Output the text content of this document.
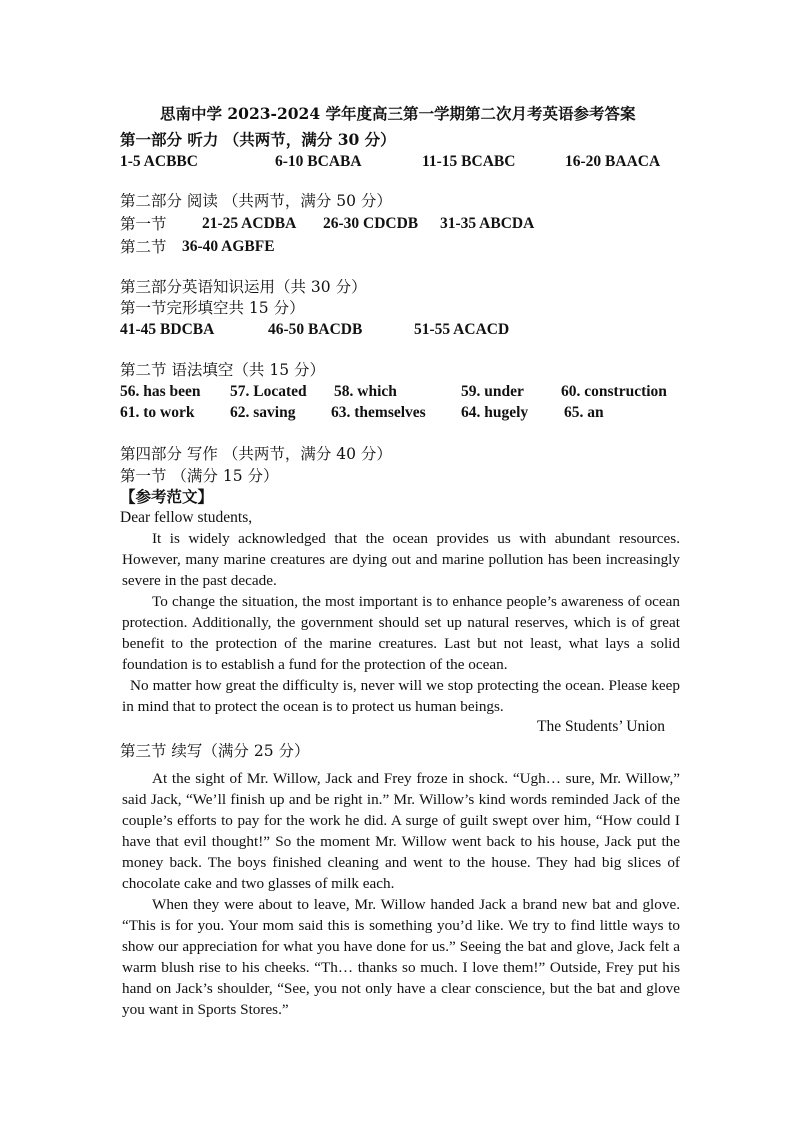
思南中学 2023-2024 学年度高三第一学期第二次月考英语参考答案
第一部分 听力 （共两节，满分 30 分）
1-5 ACBBC	6-10 BCABA	11-15 BCABC	16-20 BAACA
第二部分 阅读 （共两节，满分 50 分）
第一节 21-25 ACDBA 26-30 CDCDB 31-35 ABCDA
第二节 36-40 AGBFE
第三部分英语知识运用（共 30 分）
第一节完形填空共 15 分）
41-45 BDCBA	46-50 BACDB	51-55 ACACD
第二节 语法填空（共 15 分）
56. has been 57. Located 58. which	59. under 60. construction
61. to work 62. saving 63. themselves 64. hugely 65. an
第四部分 写作 （共两节，满分 40 分）
第一节 （满分 15 分）
【参考范文】
Dear fellow students,
It is widely acknowledged that the ocean provides us with abundant resources. However, many marine creatures are dying out and marine pollution has been increasingly severe in the past decade.
To change the situation, the most important is to enhance people’s awareness of ocean protection. Additionally, the government should set up natural reserves, which is of great benefit to the protection of the marine creatures. Last but not least, what lays a solid foundation is to establish a fund for the protection of the ocean.
No matter how great the difficulty is, never will we stop protecting the ocean. Please keep in mind that to protect the ocean is to protect us human beings.
The Students’ Union
第三节 续写（满分 25 分）
At the sight of Mr. Willow, Jack and Frey froze in shock. “Ugh… sure, Mr. Willow,” said Jack, “We’ll finish up and be right in.” Mr. Willow’s kind words reminded Jack of the couple’s efforts to pay for the work he did. A surge of guilt swept over him, “How could I have that evil thought!” So the moment Mr. Willow went back to his house, Jack put the money back. The boys finished cleaning and went to the house. They had big slices of chocolate cake and two glasses of milk each.
When they were about to leave, Mr. Willow handed Jack a brand new bat and glove. “This is for you. Your mom said this is something you’d like. We try to find little ways to show our appreciation for what you have done for us.” Seeing the bat and glove, Jack felt a warm blush rise to his cheeks. “Th… thanks so much. I love them!” Outside, Frey put his hand on Jack’s shoulder, “See, you not only have a clear conscience, but the bat and glove you want in Sports Stores.”
